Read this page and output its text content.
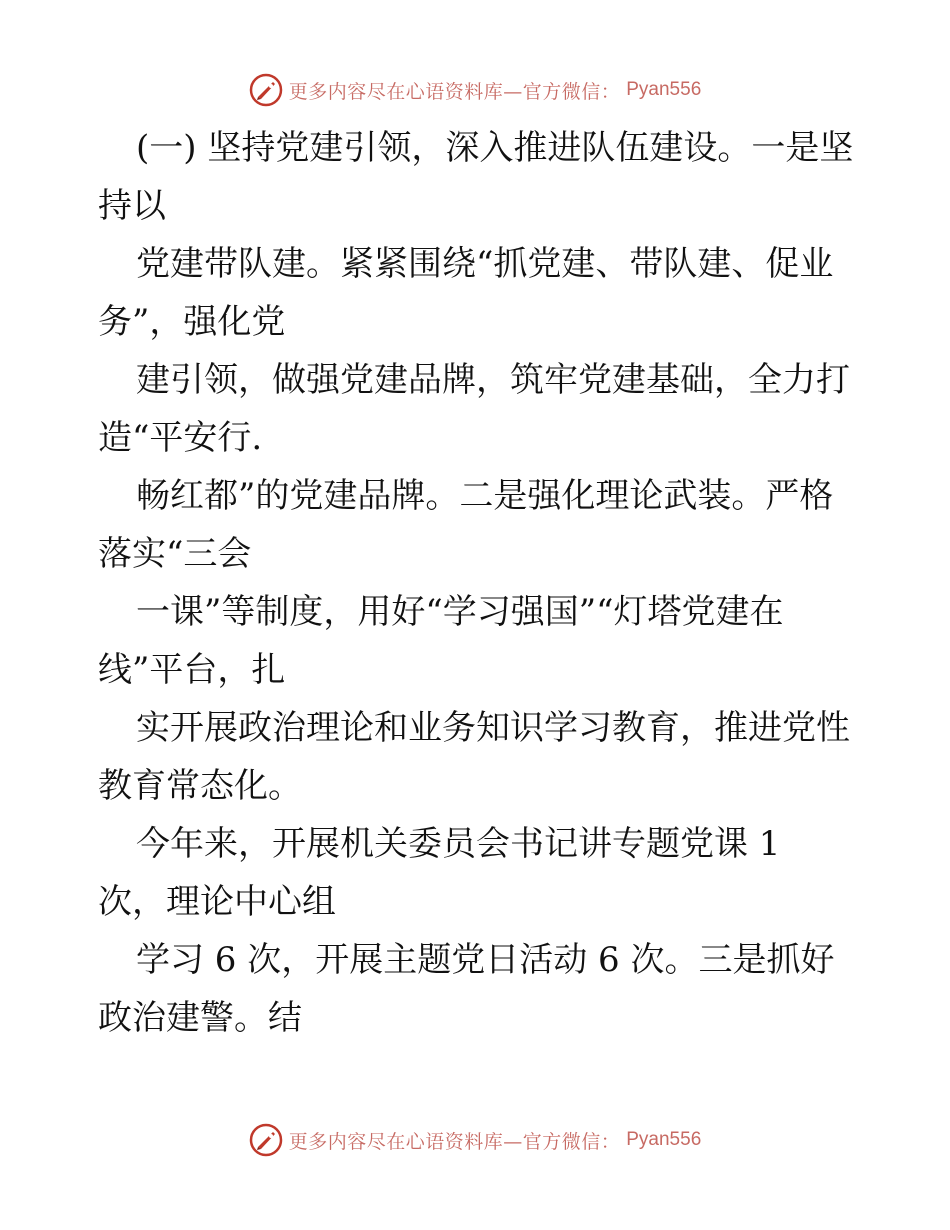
更多内容尽在心语资料库—官方微信： Pyan556

(一) 坚持党建引领，深入推进队伍建设。一是坚
持以

党建带队建。紧紧围绕“抓党建、带队建、促业
务”，强化党

建引领，做强党建品牌，筑牢党建基础，全力打
造“平安行.

畅红都”的党建品牌。二是强化理论武装。严格
落实“三会

一课”等制度，用好“学习强国”“灯塔党建在
线”平台，扎

实开展政治理论和业务知识学习教育，推进党性
教育常态化。

今年来，开展机关委员会书记讲专题党课 1
次，理论中心组

学习 6 次，开展主题党日活动 6 次。三是抓好
政治建警。结

更多内容尽在心语资料库—官方微信： Pyan556
